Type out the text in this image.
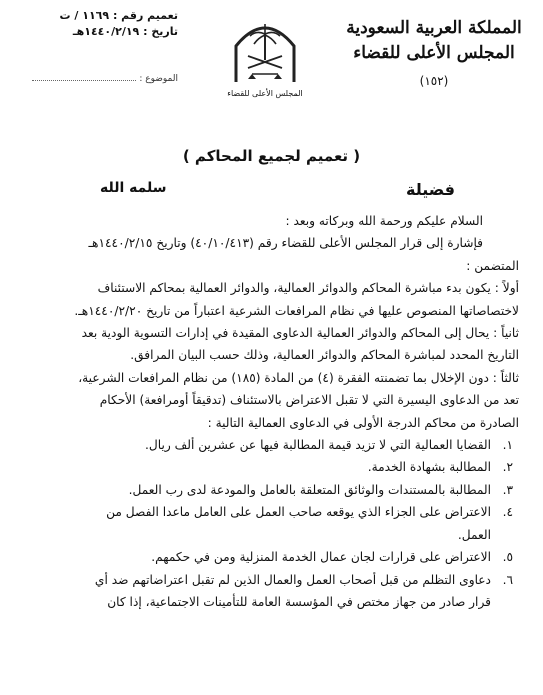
المملكة العربية السعودية
المجلس الأعلى للقضاء
(١٥٢)
المجلس الأعلى للقضاء
تعميم رقم : ١١٦٩ / ت
تاريخ : ١٤٤٠/٢/١٩هـ
الموضوع :
( تعميم لجميع المحاكم )
فضيلة
سلمه الله
السلام عليكم ورحمة الله وبركاته وبعد :
فإشارة إلى قرار المجلس الأعلى للقضاء رقم (٤٠/١٠/٤١٣) وتاريخ ١٤٤٠/٢/١٥هـ
المتضمن :
أولاً : يكون بدء مباشرة المحاكم والدوائر العمالية، والدوائر العمالية بمحاكم الاستئناف
لاختصاصاتها المنصوص عليها في نظام المرافعات الشرعية اعتباراً من تاريخ ١٤٤٠/٢/٢٠هـ.
ثانياً : يحال إلى المحاكم والدوائر العمالية الدعاوى المقيدة في إدارات التسوية الودية بعد
التاريخ المحدد لمباشرة المحاكم والدوائر العمالية، وذلك حسب البيان المرافق.
ثالثاً : دون الإخلال بما تضمنته الفقرة (٤) من المادة (١٨٥) من نظام المرافعات الشرعية،
تعد من الدعاوى اليسيرة التي لا تقبل الاعتراض بالاستئناف (تدقيقاً أومرافعة) الأحكام
الصادرة من محاكم الدرجة الأولى في الدعاوى العمالية التالية :
١.
القضايا العمالية التي لا تزيد قيمة المطالبة فيها عن عشرين ألف ريال.
٢.
المطالبة بشهادة الخدمة.
٣.
المطالبة بالمستندات والوثائق المتعلقة بالعامل والمودعة لدى رب العمل.
٤.
الاعتراض على الجزاء الذي يوقعه صاحب العمل على العامل ماعدا الفصل من
العمل.
٥.
الاعتراض على قرارات لجان عمال الخدمة المنزلية ومن في حكمهم.
٦.
دعاوى التظلم من قبل أصحاب العمل والعمال الذين لم تقبل اعتراضاتهم ضد أي
قرار صادر من جهاز مختص في المؤسسة العامة للتأمينات الاجتماعية، إذا كان
